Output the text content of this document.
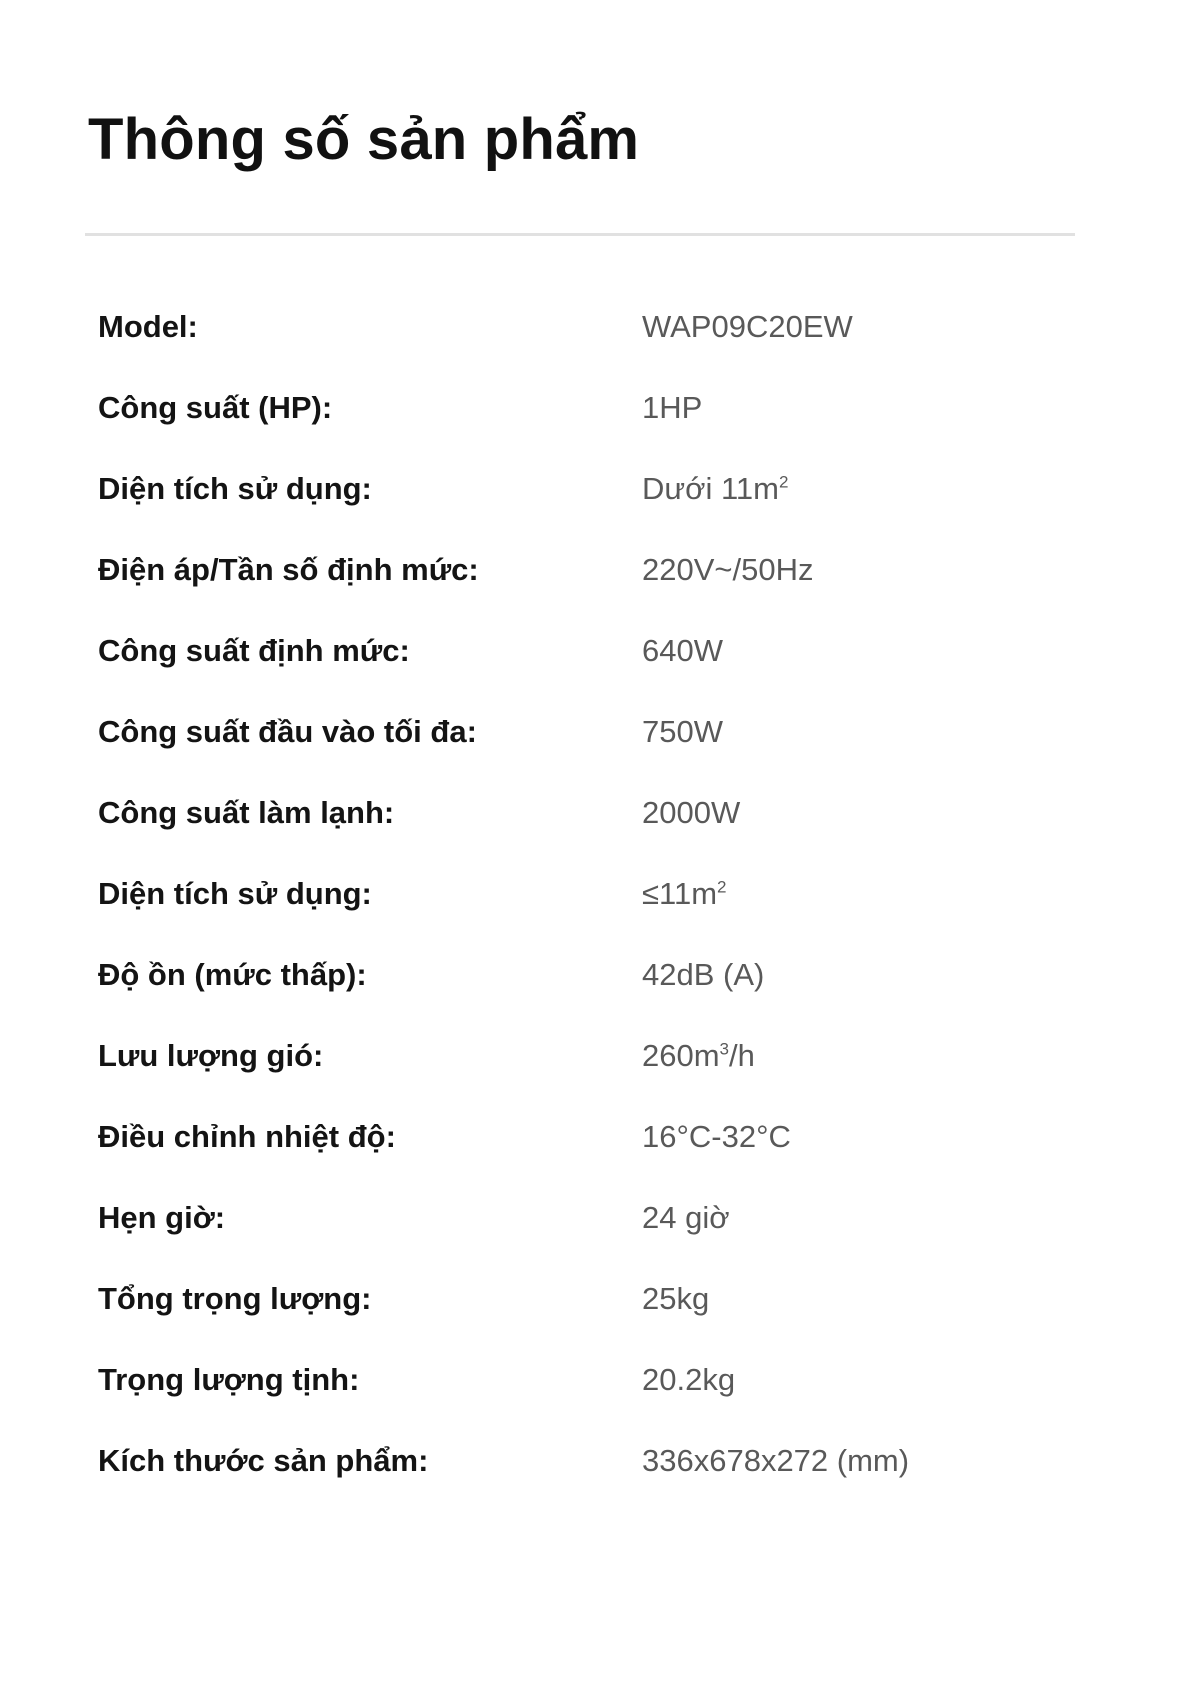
Thông số sản phẩm
Model:	WAP09C20EW
Công suất (HP):	1HP
Diện tích sử dụng:	Dưới $11m^2$
Điện áp/Tần số định mức:	220V~/50Hz
Công suất định mức:	640W
Công suất đầu vào tối đa:	750W
Công suất làm lạnh:	2000W
Diện tích sử dụng:	$\le 11m^2$
Độ ồn (mức thấp):	42dB (A)
Lưu lượng gió:	$260m^3/h$
Điều chỉnh nhiệt độ:	16°C-32°C
Hẹn giờ:	24 giờ
Tổng trọng lượng:	25kg
Trọng lượng tịnh:	20.2kg
Kích thước sản phẩm:	336x678x272 (mm)
